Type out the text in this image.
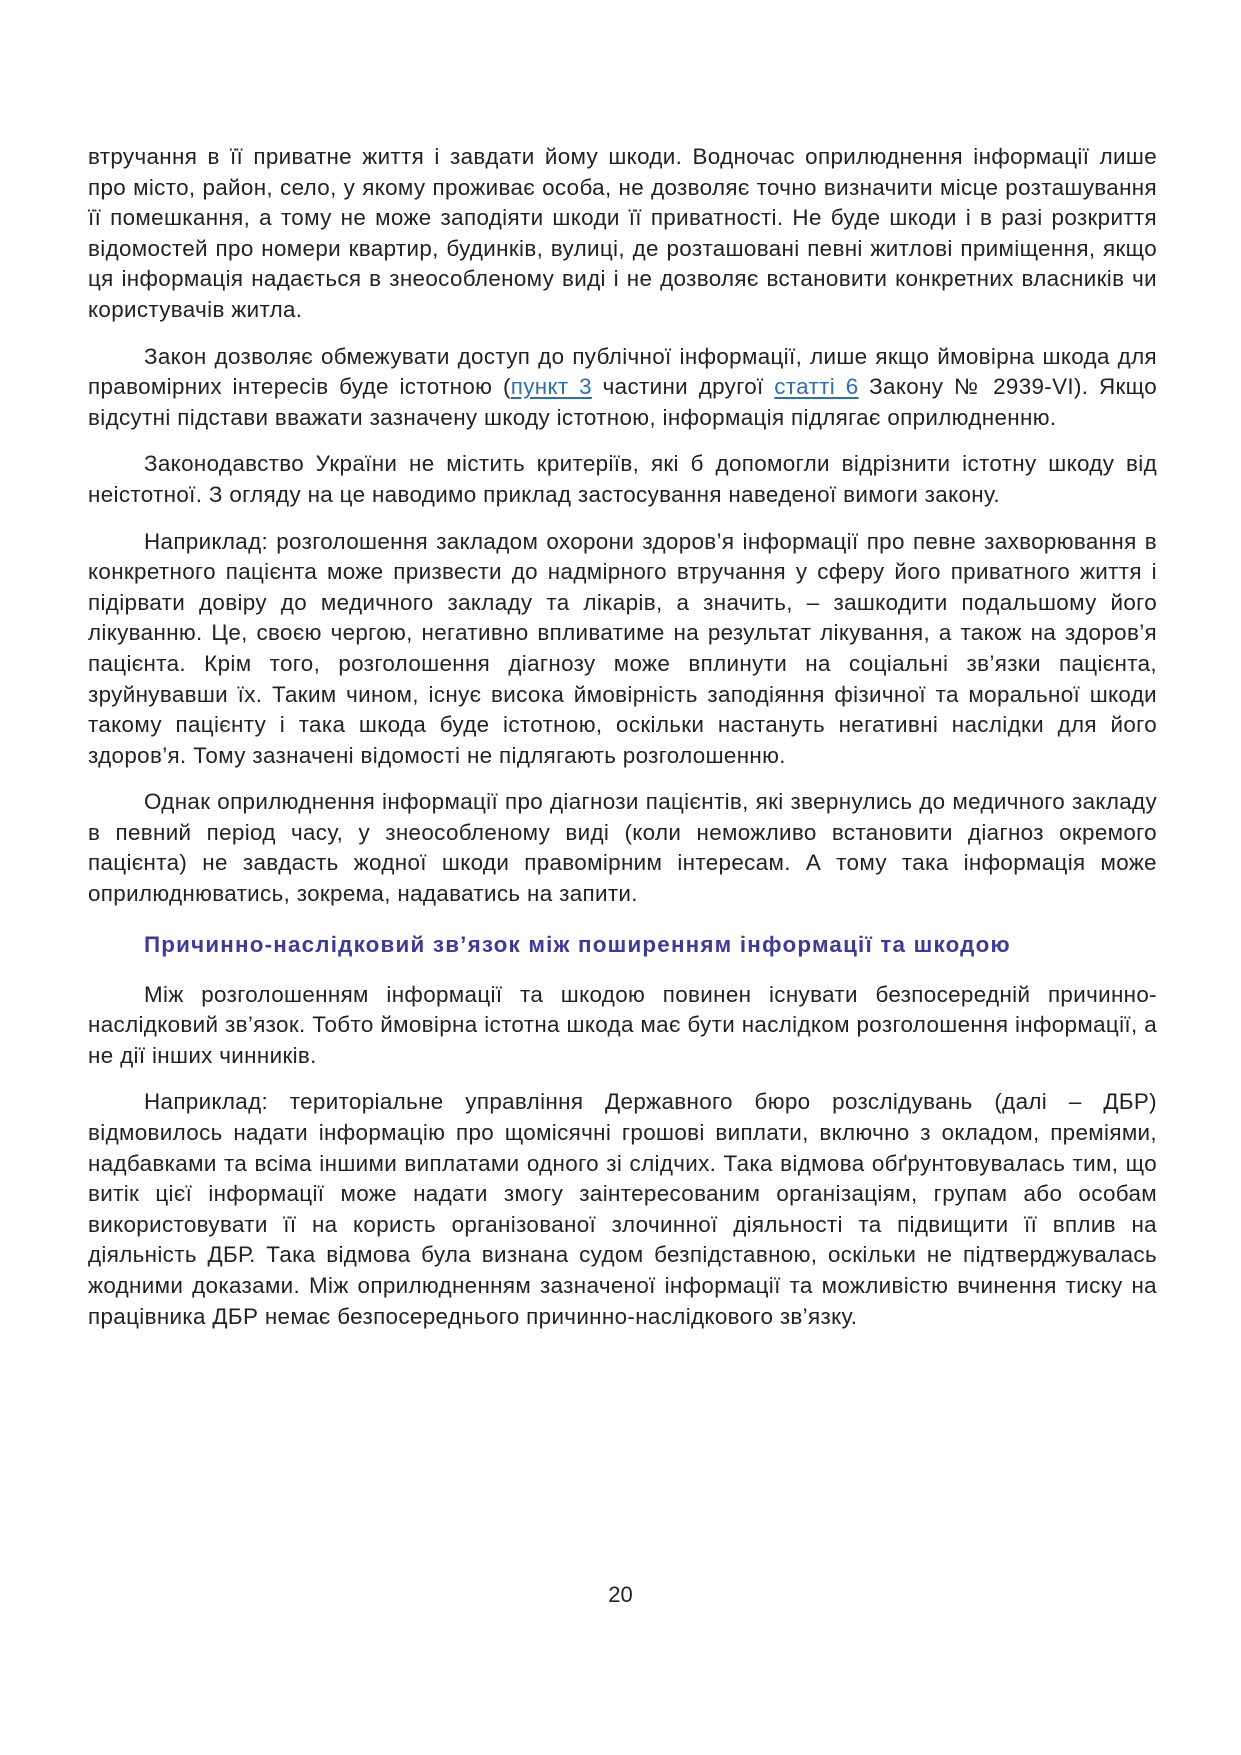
втручання в її приватне життя і завдати йому шкоди. Водночас оприлюднення інформації лише про місто, район, село, у якому проживає особа, не дозволяє точно визначити місце розташування її помешкання, а тому не може заподіяти шкоди її приватності. Не буде шкоди і в разі розкриття відомостей про номери квартир, будинків, вулиці, де розташовані певні житлові приміщення, якщо ця інформація надається в знеособленому виді і не дозволяє встановити конкретних власників чи користувачів житла.

Закон дозволяє обмежувати доступ до публічної інформації, лише якщо ймовірна шкода для правомірних інтересів буде істотною (пункт 3 частини другої статті 6 Закону № 2939-VI). Якщо відсутні підстави вважати зазначену шкоду істотною, інформація підлягає оприлюдненню.

Законодавство України не містить критеріїв, які б допомогли відрізнити істотну шкоду від неістотної. З огляду на це наводимо приклад застосування наведеної вимоги закону.

Наприклад: розголошення закладом охорони здоров’я інформації про певне захворювання в конкретного пацієнта може призвести до надмірного втручання у сферу його приватного життя і підірвати довіру до медичного закладу та лікарів, а значить, – зашкодити подальшому його лікуванню. Це, своєю чергою, негативно впливатиме на результат лікування, а також на здоров’я пацієнта. Крім того, розголошення діагнозу може вплинути на соціальні зв’язки пацієнта, зруйнувавши їх. Таким чином, існує висока ймовірність заподіяння фізичної та моральної шкоди такому пацієнту і така шкода буде істотною, оскільки настануть негативні наслідки для його здоров’я. Тому зазначені відомості не підлягають розголошенню.

Однак оприлюднення інформації про діагнози пацієнтів, які звернулись до медичного закладу в певний період часу, у знеособленому виді (коли неможливо встановити діагноз окремого пацієнта) не завдасть жодної шкоди правомірним інтересам. А тому така інформація може оприлюднюватись, зокрема, надаватись на запити.

Причинно-наслідковий зв’язок між поширенням інформації та шкодою

Між розголошенням інформації та шкодою повинен існувати безпосередній причинно-наслідковий зв’язок. Тобто ймовірна істотна шкода має бути наслідком розголошення інформації, а не дії інших чинників.

Наприклад: територіальне управління Державного бюро розслідувань (далі – ДБР) відмовилось надати інформацію про щомісячні грошові виплати, включно з окладом, преміями, надбавками та всіма іншими виплатами одного зі слідчих. Така відмова обґрунтовувалась тим, що витік цієї інформації може надати змогу заінтересованим організаціям, групам або особам використовувати її на користь організованої злочинної діяльності та підвищити її вплив на діяльність ДБР. Така відмова була визнана судом безпідставною, оскільки не підтверджувалась жодними доказами. Між оприлюдненням зазначеної інформації та можливістю вчинення тиску на працівника ДБР немає безпосереднього причинно-наслідкового зв’язку.

20
